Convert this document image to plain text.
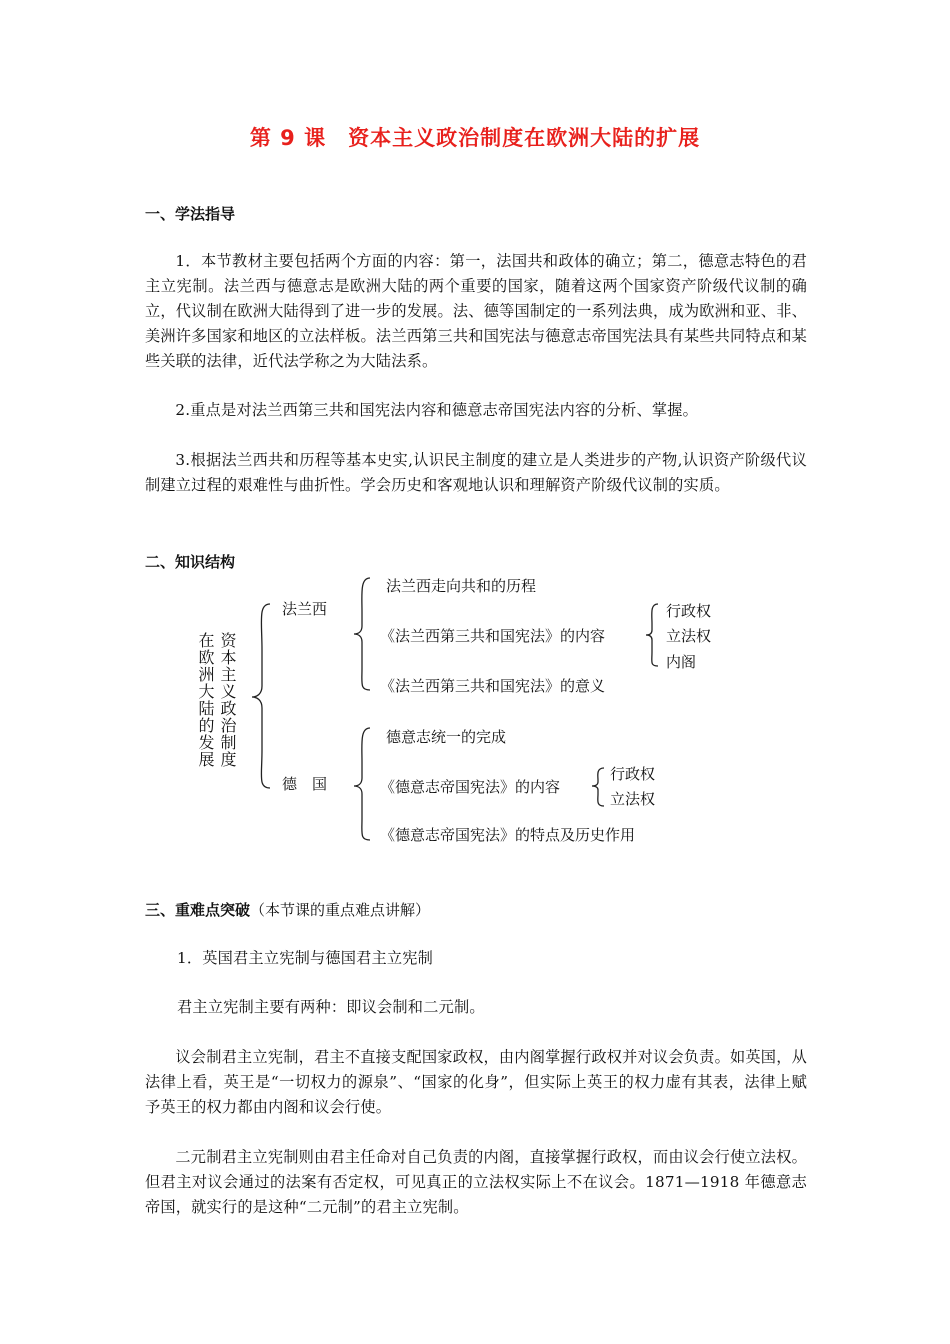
第 9 课　资本主义政治制度在欧洲大陆的扩展
一、学法指导

1．本节教材主要包括两个方面的内容：第一，法国共和政体的确立；第二，德意志特色的君主立宪制。法兰西与德意志是欧洲大陆的两个重要的国家，随着这两个国家资产阶级代议制的确立，代议制在欧洲大陆得到了进一步的发展。法、德等国制定的一系列法典，成为欧洲和亚、非、美洲许多国家和地区的立法样板。法兰西第三共和国宪法与德意志帝国宪法具有某些共同特点和某些关联的法律，近代法学称之为大陆法系。

2.重点是对法兰西第三共和国宪法内容和德意志帝国宪法内容的分析、掌握。

3.根据法兰西共和历程等基本史实,认识民主制度的建立是人类进步的产物,认识资产阶级代议制建立过程的艰难性与曲折性。学会历史和客观地认识和理解资产阶级代议制的实质。

二、知识结构
资本主义政治制度
在欧洲大陆的发展
法兰西
法兰西走向共和的历程
《法兰西第三共和国宪法》的内容
行政权
立法权
内阁
《法兰西第三共和国宪法》的意义
德　国
德意志统一的完成
《德意志帝国宪法》的内容
行政权
立法权
《德意志帝国宪法》的特点及历史作用
三、重难点突破（本节课的重点难点讲解）

1．英国君主立宪制与德国君主立宪制

君主立宪制主要有两种：即议会制和二元制。

议会制君主立宪制，君主不直接支配国家政权，由内阁掌握行政权并对议会负责。如英国，从法律上看，英王是“一切权力的源泉”、“国家的化身”，但实际上英王的权力虚有其表，法律上赋予英王的权力都由内阁和议会行使。

二元制君主立宪制则由君主任命对自己负责的内阁，直接掌握行政权，而由议会行使立法权。但君主对议会通过的法案有否定权，可见真正的立法权实际上不在议会。1871—1918 年德意志帝国，就实行的是这种“二元制”的君主立宪制。
